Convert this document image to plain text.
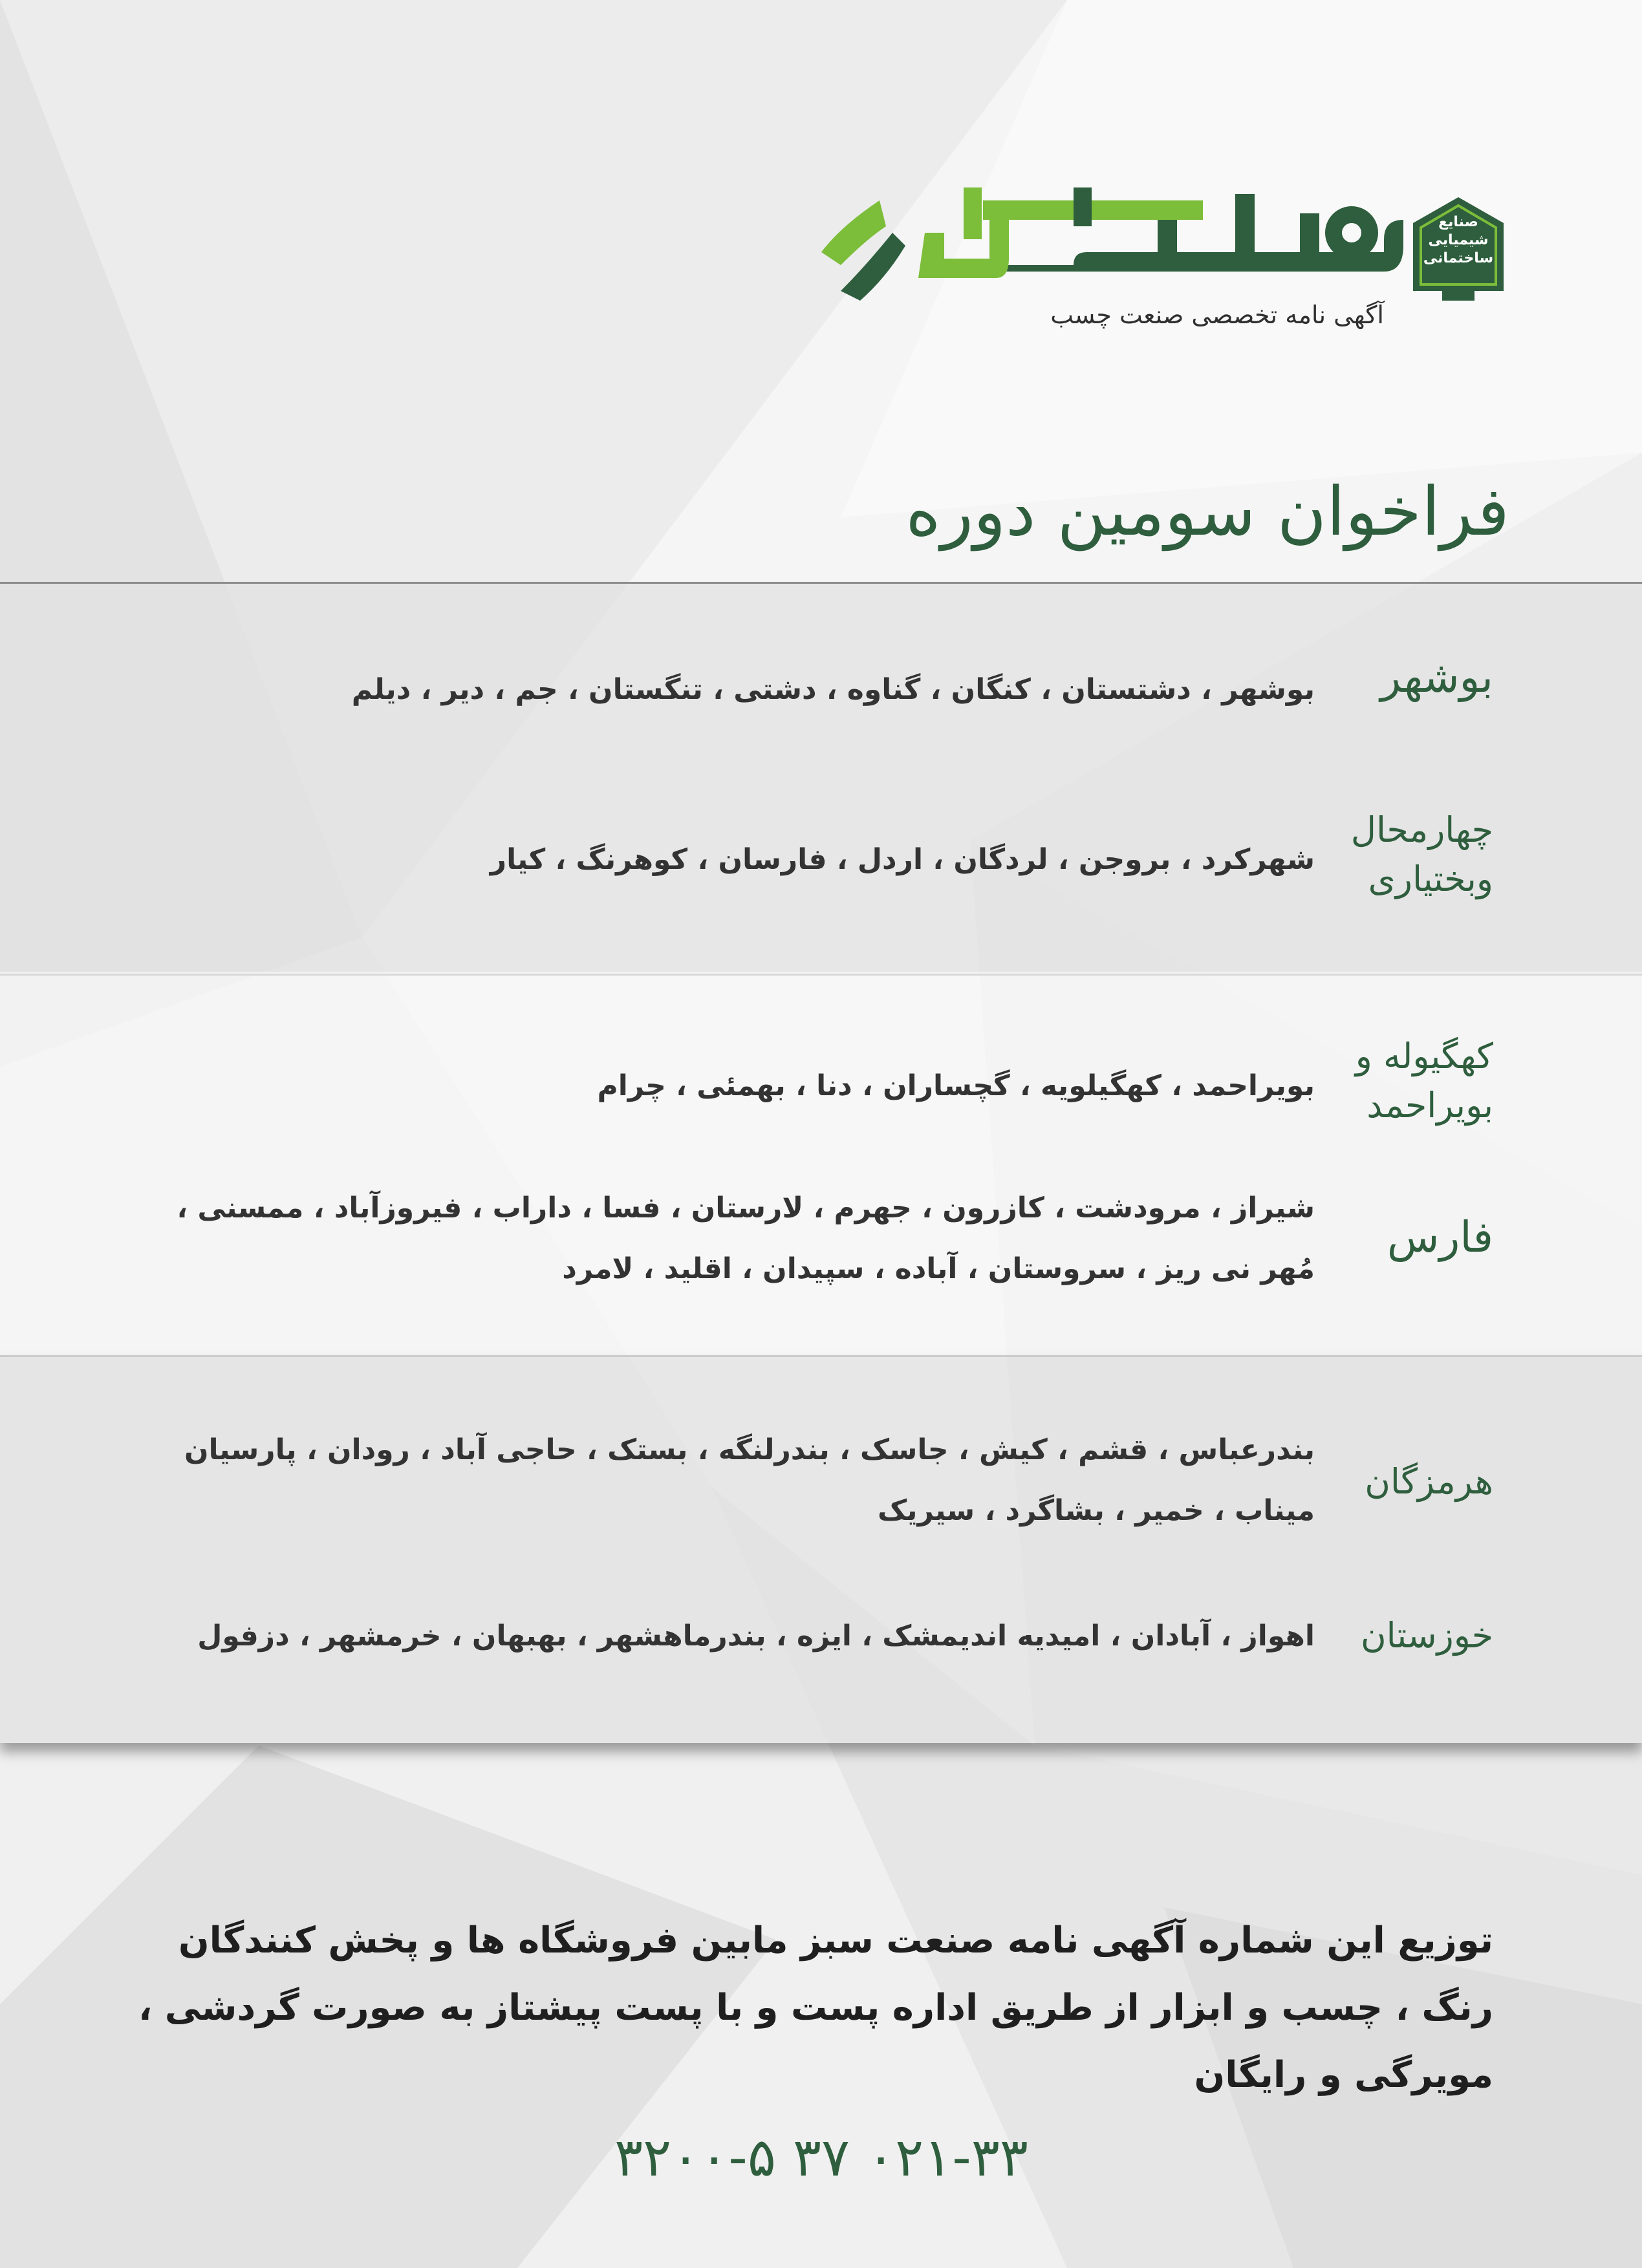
صنایع
شیمیایی
ساختمانی
آگهی نامه تخصصی صنعت چسب
فراخوان سومین دوره
بوشهر
بوشهر ، دشتستان ، کنگان ، گناوه ، دشتی ، تنگستان ، جم ، دیر ، دیلم
چهارمحال وبختیاری
شهرکرد ، بروجن ، لردگان ، اردل ، فارسان ، کوهرنگ ، کیار
کهگیوله و بویراحمد
بویراحمد ، کهگیلویه ، گچساران ، دنا ، بهمئی ، چرام
فارس
شیراز ، مرودشت ، کازرون ، جهرم ، لارستان ، فسا ، داراب ، فیروزآباد ، ممسنی ، مُهر نی ریز ، سروستان ، آباده ، سپیدان ، اقلید ، لامرد
هرمزگان
بندرعباس ، قشم ، کیش ، جاسک ، بندرلنگه ، بستک ، حاجی آباد ، رودان ، پارسیان میناب ، خمیر ، بشاگرد ، سیریک
خوزستان
اهواز ، آبادان ، امیدیه اندیمشک ، ایزه ، بندرماهشهر ، بهبهان ، خرمشهر ، دزفول
توزیع این شماره آگهی نامه صنعت سبز مابین فروشگاه ها و پخش کنندگان رنگ ، چسب و ابزار از طریق اداره پست و با پست پیشتاز به صورت گردشی ، مویرگی و رایگان
۰۲۱-۳۳ ۳۷ ۳۲۰۰-۵
